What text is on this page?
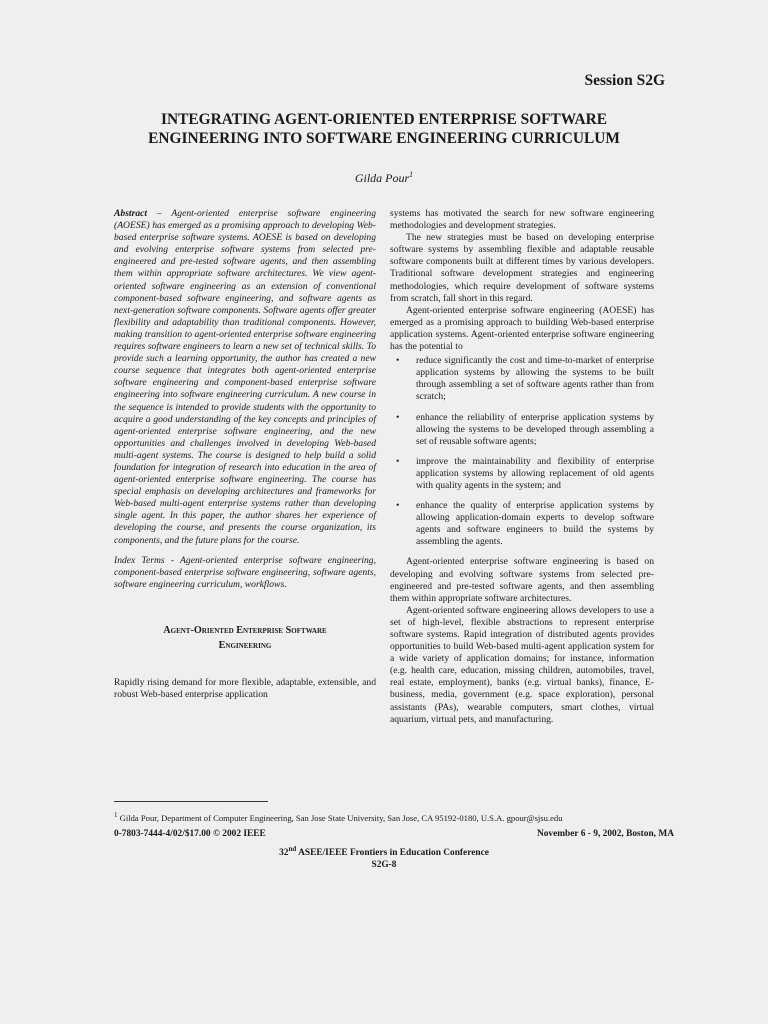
Session S2G
INTEGRATING AGENT-ORIENTED ENTERPRISE SOFTWARE
ENGINEERING INTO SOFTWARE ENGINEERING CURRICULUM
Gilda Pour$^1$

Abstract – Agent-oriented enterprise software engineering (AOESE) has emerged as a promising approach to developing Web-based enterprise software systems. AOESE is based on developing and evolving enterprise software systems from selected pre-engineered and pre-tested software agents, and then assembling them within appropriate software architectures. We view agent-oriented software engineering as an extension of conventional component-based software engineering, and software agents as next-generation software components. Software agents offer greater flexibility and adaptability than traditional components. However, making transition to agent-oriented enterprise software engineering requires software engineers to learn a new set of technical skills. To provide such a learning opportunity, the author has created a new course sequence that integrates both agent-oriented enterprise software engineering and component-based enterprise software engineering into software engineering curriculum. A new course in the sequence is intended to provide students with the opportunity to acquire a good understanding of the key concepts and principles of agent-oriented enterprise software engineering, and the new opportunities and challenges involved in developing Web-based multi-agent systems. The course is designed to help build a solid foundation for integration of research into education in the area of agent-oriented enterprise software engineering. The course has special emphasis on developing architectures and frameworks for Web-based multi-agent enterprise systems rather than developing single agent. In this paper, the author shares her experience of developing the course, and presents the course organization, its components, and the future plans for the course.

Index Terms - Agent-oriented enterprise software engineering, component-based enterprise software engineering, software agents, software engineering curriculum, workflows.

Agent-Oriented Enterprise Software
Engineering

Rapidly rising demand for more flexible, adaptable, extensible, and robust Web-based enterprise application

systems has motivated the search for new software engineering methodologies and development strategies.

The new strategies must be based on developing enterprise software systems by assembling flexible and adaptable reusable software components built at different times by various developers. Traditional software development strategies and engineering methodologies, which require development of software systems from scratch, fall short in this regard.

Agent-oriented enterprise software engineering (AOESE) has emerged as a promising approach to building Web-based enterprise application systems. Agent-oriented enterprise software engineering has the potential to

• reduce significantly the cost and time-to-market of enterprise application systems by allowing the systems to be built through assembling a set of software agents rather than from scratch;
• enhance the reliability of enterprise application systems by allowing the systems to be developed through assembling a set of reusable software agents;
• improve the maintainability and flexibility of enterprise application systems by allowing replacement of old agents with quality agents in the system; and
• enhance the quality of enterprise application systems by allowing application-domain experts to develop software agents and software engineers to build the systems by assembling the agents.

Agent-oriented enterprise software engineering is based on developing and evolving software systems from selected pre-engineered and pre-tested software agents, and then assembling them within appropriate software architectures.

Agent-oriented software engineering allows developers to use a set of high-level, flexible abstractions to represent enterprise software systems. Rapid integration of distributed agents provides opportunities to build Web-based multi-agent application system for a wide variety of application domains; for instance, information (e.g. health care, education, missing children, automobiles, travel, real estate, employment), banks (e.g. virtual banks), finance, E-business, media, government (e.g. space exploration), personal assistants (PAs), wearable computers, smart clothes, virtual aquarium, virtual pets, and manufacturing.

$^1$ Gilda Pour, Department of Computer Engineering, San Jose State University, San Jose, CA 95192-0180, U.S.A. gpour@sjsu.edu
0-7803-7444-4/02/$17.00 © 2002 IEEE	November 6 - 9, 2002, Boston, MA
32nd ASEE/IEEE Frontiers in Education Conference
S2G-8
